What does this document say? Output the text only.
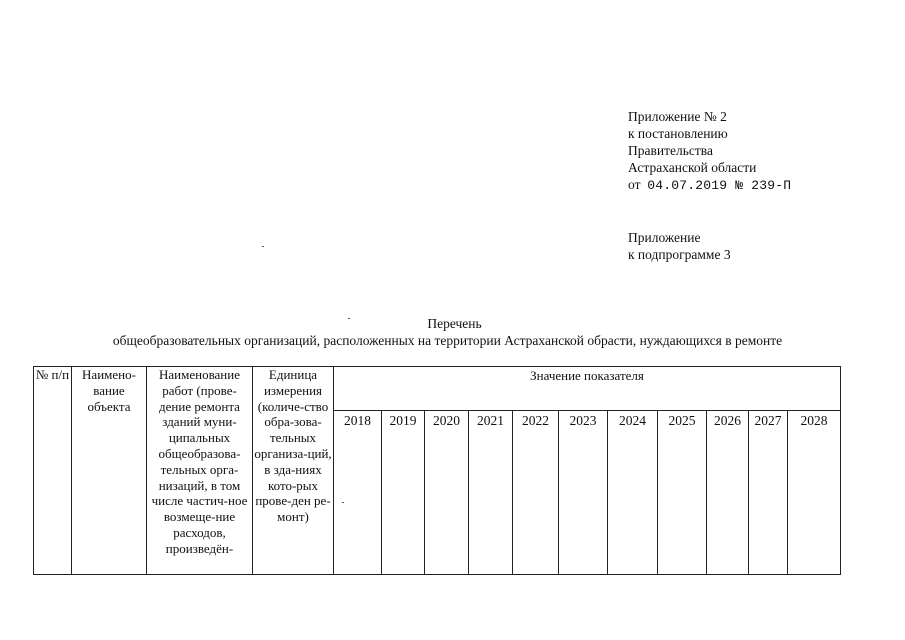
Приложение № 2
к постановлению
Правительства
Астраханской области
от 04.07.2019 № 239-П
Приложение
к подпрограмме 3
Перечень
общеобразовательных организаций, расположенных на территории Астраханской обрасти, нуждающихся в ремонте
№ п/п	Наимено-вание объекта	Наименование работ (прове-дение ремонта зданий муни-ципальных общеобразова-тельных орга-низаций, в том числе частич-ное возмеще-ние расходов, произведён-	Единица измерения (количе-ство обра-зова-тельных организа-ций, в зда-ниях кото-рых прове-ден ре-монт)	Значение показателя										

				2018	2019	2020	2021	2022	2023	2024	2025	2026	2027	2028
